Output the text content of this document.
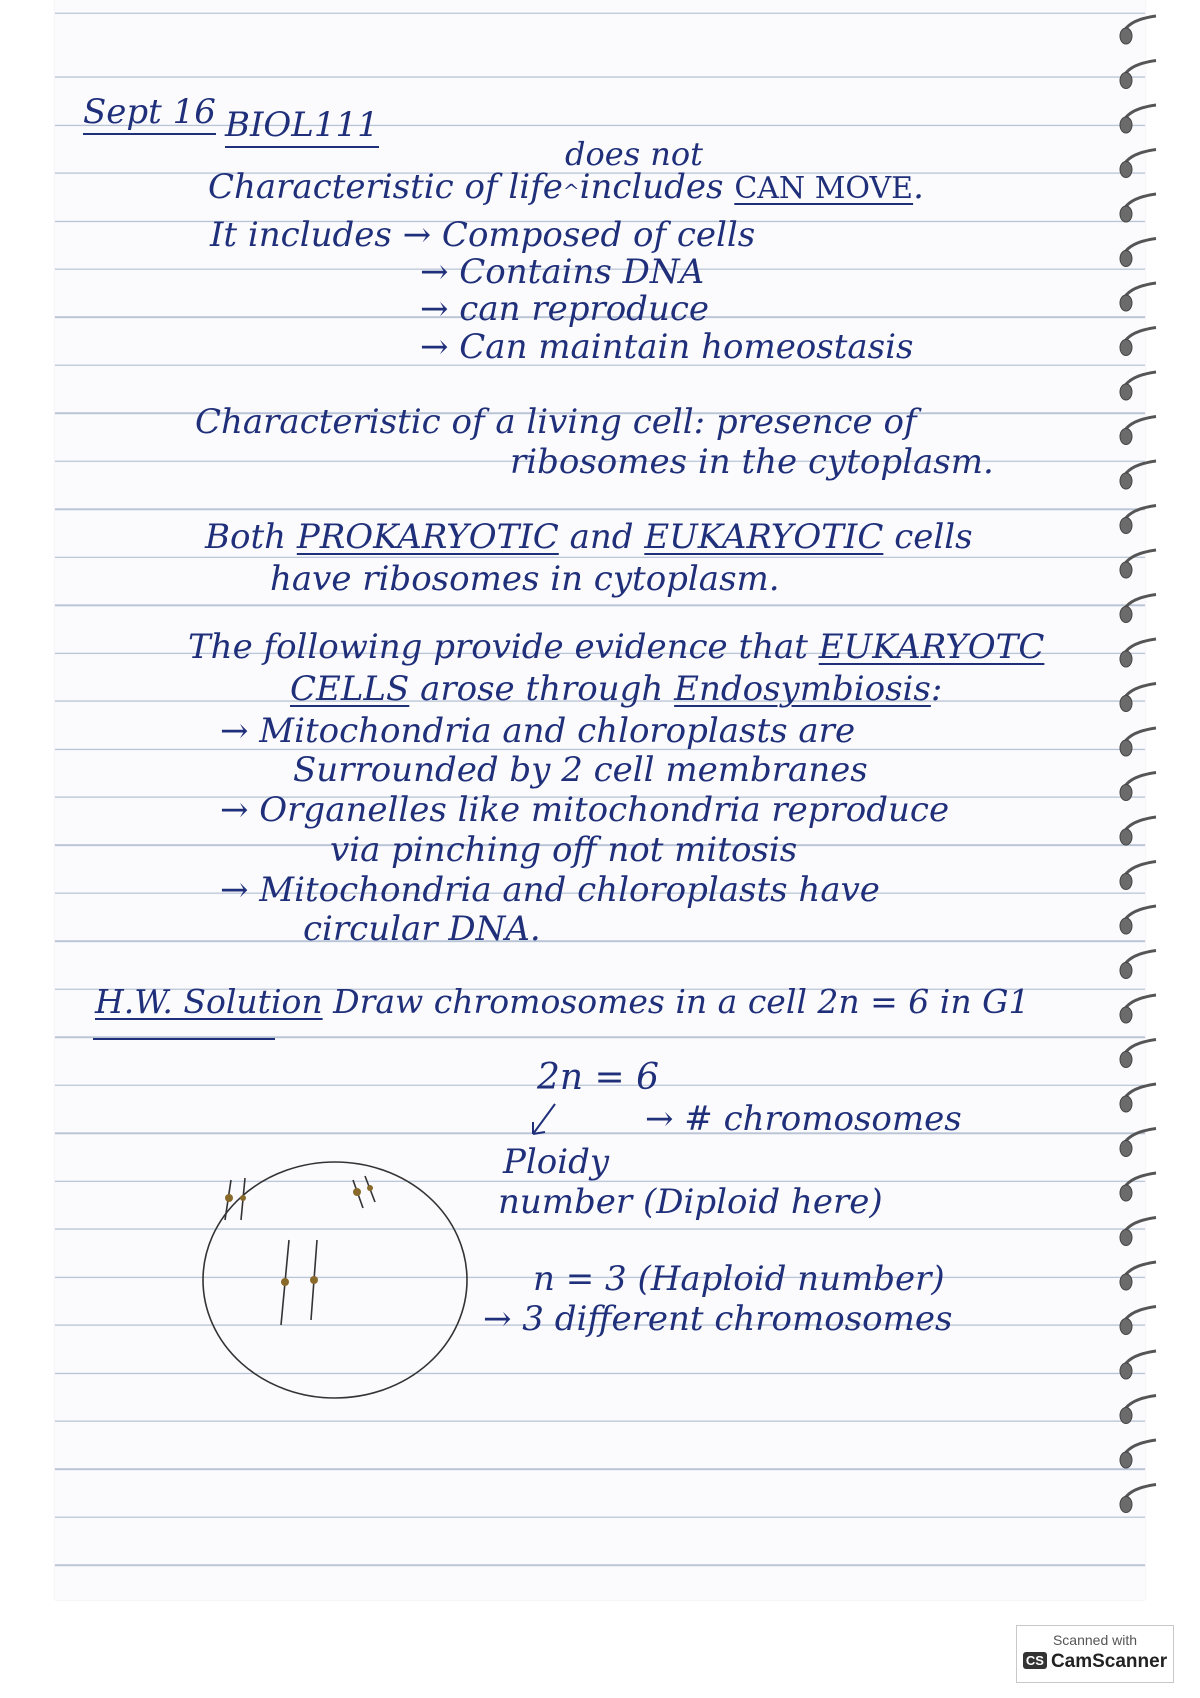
Sept 16 BIOL111
does not
Characteristic of life^includes CAN MOVE.
It includes → Composed of cells
→ Contains DNA
→ can reproduce
→ Can maintain homeostasis
Characteristic of a living cell: presence of
ribosomes in the cytoplasm.
Both PROKARYOTIC and EUKARYOTIC cells
have ribosomes in cytoplasm.
The following provide evidence that EUKARYOTC
CELLS arose through Endosymbiosis:
→ Mitochondria and chloroplasts are
Surrounded by 2 cell membranes
→ Organelles like mitochondria reproduce
via pinching off not mitosis
→ Mitochondria and chloroplasts have
circular DNA.
H.W. Solution Draw chromosomes in a cell 2n = 6 in G1
2n = 6
→ # chromosomes
Ploidy
number (Diploid here)
n = 3 (Haploid number)
→ 3 different chromosomes
Scanned with
CS CamScanner
